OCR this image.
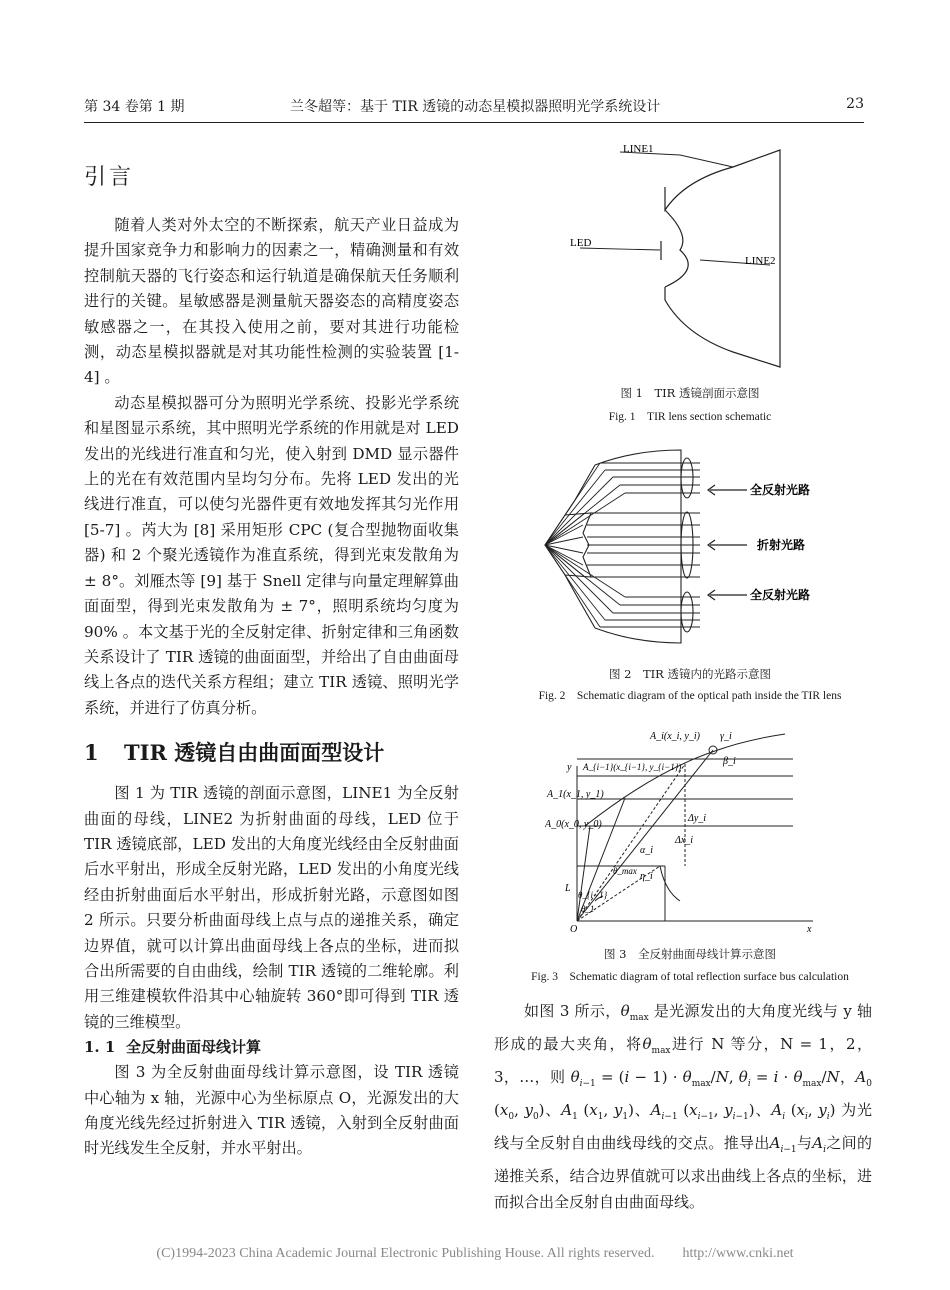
第 34 卷第 1 期	兰冬超等：基于 TIR 透镜的动态星模拟器照明光学系统设计	23
引言

随着人类对外太空的不断探索，航天产业日益成为提升国家竞争力和影响力的因素之一，精确测量和有效控制航天器的飞行姿态和运行轨道是确保航天任务顺利进行的关键。星敏感器是测量航天器姿态的高精度姿态敏感器之一，在其投入使用之前，要对其进行功能检测，动态星模拟器就是对其功能性检测的实验装置 [1-4] 。

动态星模拟器可分为照明光学系统、投影光学系统和星图显示系统，其中照明光学系统的作用就是对 LED 发出的光线进行准直和匀光，使入射到 DMD 显示器件上的光在有效范围内呈均匀分布。先将 LED 发出的光线进行准直，可以使匀光器件更有效地发挥其匀光作用 [5-7] 。芮大为 [8] 采用矩形 CPC (复合型抛物面收集器) 和 2 个聚光透镜作为准直系统，得到光束发散角为 ± 8°。刘雁杰等 [9] 基于 Snell 定律与向量定理解算曲面面型，得到光束发散角为 ± 7°，照明系统均匀度为 90% 。本文基于光的全反射定律、折射定律和三角函数关系设计了 TIR 透镜的曲面面型，并给出了自由曲面母线上各点的迭代关系方程组；建立 TIR 透镜、照明光学系统，并进行了仿真分析。

1 TIR 透镜自由曲面面型设计

图 1 为 TIR 透镜的剖面示意图，LINE1 为全反射曲面的母线，LINE2 为折射曲面的母线，LED 位于 TIR 透镜底部，LED 发出的大角度光线经由全反射曲面后水平射出，形成全反射光路，LED 发出的小角度光线经由折射曲面后水平射出，形成折射光路，示意图如图 2 所示。只要分析曲面母线上点与点的递推关系，确定边界值，就可以计算出曲面母线上各点的坐标，进而拟合出所需要的自由曲线，绘制 TIR 透镜的二维轮廓。利用三维建模软件沿其中心轴旋转 360°即可得到 TIR 透镜的三维模型。

1. 1 全反射曲面母线计算

图 3 为全反射曲面母线计算示意图，设 TIR 透镜中心轴为 x 轴，光源中心为坐标原点 O，光源发出的大角度光线先经过折射进入 TIR 透镜，入射到全反射曲面时光线发生全反射，并水平射出。

LINE1
LED
LINE2
图 1　TIR 透镜剖面示意图
Fig. 1　TIR lens section schematic
全反射光路
折射光路
全反射光路
图 2　TIR 透镜内的光路示意图
Fig. 2　Schematic diagram of the optical path inside the TIR lens
A_i(x_i, y_i) γ_i
y A_{i−1}(x_{i−1}, y_{i−1})	β_i
A_1(x_1, y_1)
Δy_i
A_0(x_0, y_0)
Δx_i
α_i
θ_max η_i
L
θ_{i−1}
θ_1
O	x
图 3　全反射曲面母线计算示意图
Fig. 3　Schematic diagram of total reflection surface bus calculation

如图 3 所示，$\theta_{max}$ 是光源发出的大角度光线与 y 轴形成的最大夹角，将$\theta_{max}$进行 N 等分，N = 1，2，3，…，则 $\theta_{i-1} = (i - 1) \cdot \theta_{max}/N$, $\theta_i = i \cdot \theta_{max}/N$，$A_0$ ($x_0$, $y_0$)、$A_1$ ($x_1$, $y_1$)、$A_{i-1}$ ($x_{i-1}$, $y_{i-1}$)、$A_i$ ($x_i$, $y_i$) 为光线与全反射自由曲线母线的交点。推导出$A_{i-1}$与$A_i$之间的递推关系，结合边界值就可以求出曲线上各点的坐标，进而拟合出全反射自由曲面母线。

(C)1994-2023 China Academic Journal Electronic Publishing House. All rights reserved.　　http://www.cnki.net
